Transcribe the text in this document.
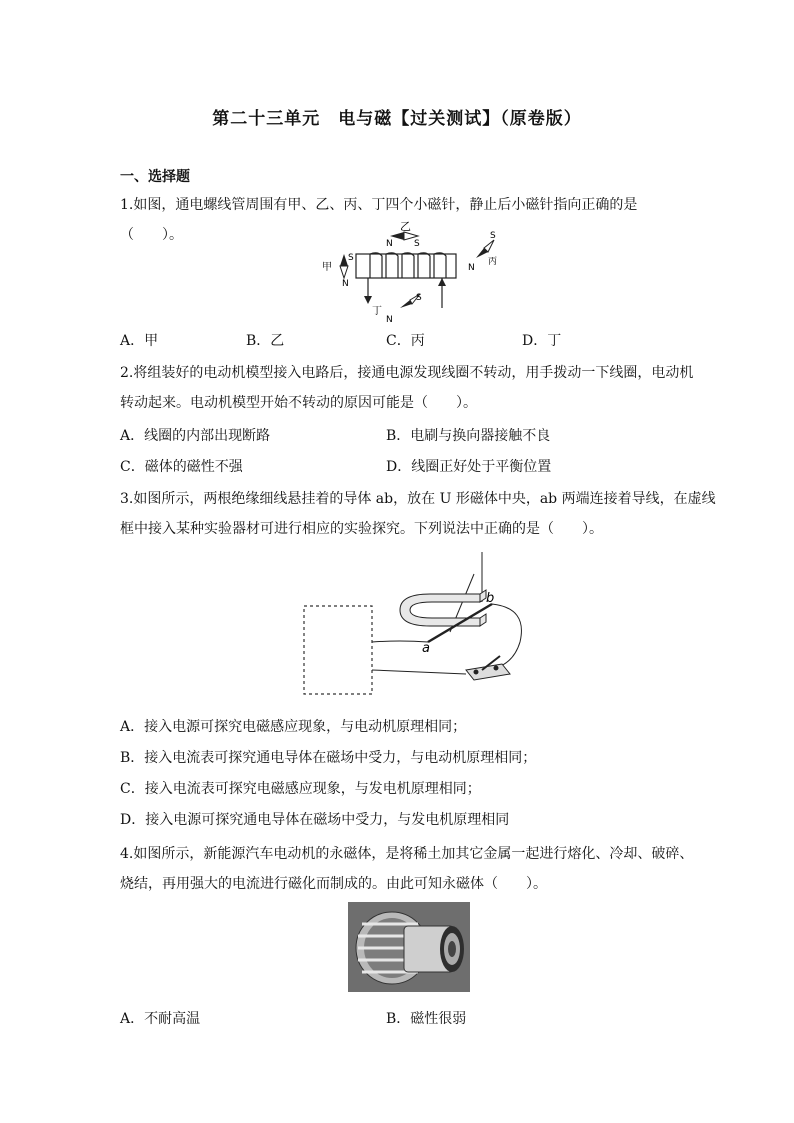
第二十三单元　电与磁【过关测试】（原卷版）
一、选择题
1.如图，通电螺线管周围有甲、乙、丙、丁四个小磁针，静止后小磁针指向正确的是（　　）。
乙
N S
甲
S
N
N
S
丙
丁
N
S
A．甲	B．乙	C．丙	D．丁
2.将组装好的电动机模型接入电路后，接通电源发现线圈不转动，用手拨动一下线圈，电动机
转动起来。电动机模型开始不转动的原因可能是（　　）。
A．线圈的内部出现断路	B．电刷与换向器接触不良
C．磁体的磁性不强	D．线圈正好处于平衡位置
3.如图所示，两根绝缘细线悬挂着的导体 ab，放在 U 形磁体中央，ab 两端连接着导线，在虚线
框中接入某种实验器材可进行相应的实验探究。下列说法中正确的是（　　）。
a
b
A．接入电源可探究电磁感应现象，与电动机原理相同；
B．接入电流表可探究通电导体在磁场中受力，与电动机原理相同；
C．接入电流表可探究电磁感应现象，与发电机原理相同；
D．接入电源可探究通电导体在磁场中受力，与发电机原理相同
4.如图所示，新能源汽车电动机的永磁体，是将稀土加其它金属一起进行熔化、冷却、破碎、
烧结，再用强大的电流进行磁化而制成的。由此可知永磁体（　　）。
A．不耐高温	B．磁性很弱
